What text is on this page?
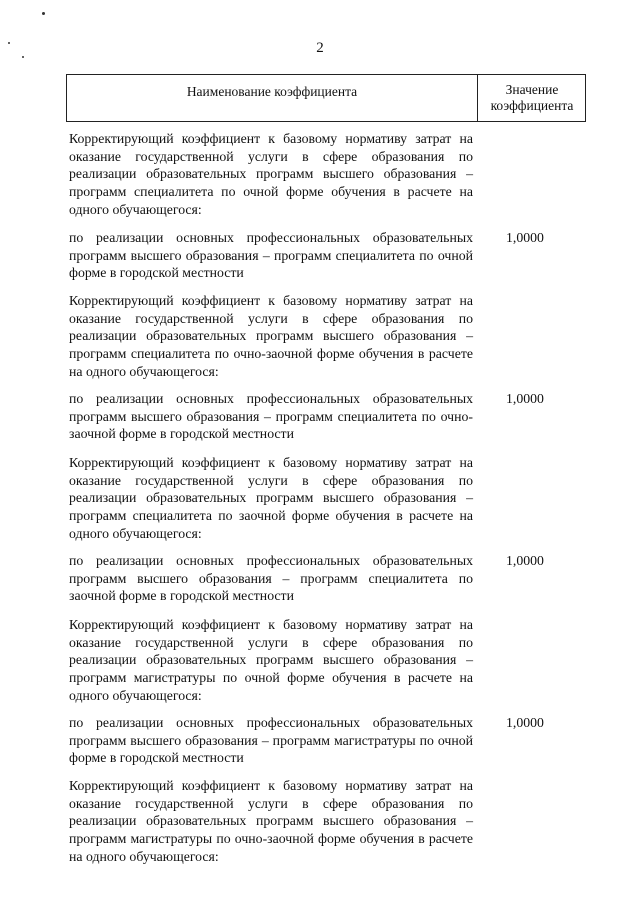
2
Наименование коэффициента	Значение
коэффициента
Корректирующий коэффициент к базовому нормативу затрат на оказание государственной услуги в сфере образования по реализации образовательных программ высшего образования – программ специалитета по очной форме обучения в расчете на одного обучающегося:
по реализации основных профессиональных образовательных программ высшего образования – программ специалитета по очной форме в городской местности
1,0000
Корректирующий коэффициент к базовому нормативу затрат на оказание государственной услуги в сфере образования по реализации образовательных программ высшего образования – программ специалитета по очно-заочной форме обучения в расчете на одного обучающегося:
по реализации основных профессиональных образовательных программ высшего образования – программ специалитета по очно-заочной форме в городской местности
1,0000
Корректирующий коэффициент к базовому нормативу затрат на оказание государственной услуги в сфере образования по реализации образовательных программ высшего образования – программ специалитета по заочной форме обучения в расчете на одного обучающегося:
по реализации основных профессиональных образовательных программ высшего образования – программ специалитета по заочной форме в городской местности
1,0000
Корректирующий коэффициент к базовому нормативу затрат на оказание государственной услуги в сфере образования по реализации образовательных программ высшего образования – программ магистратуры по очной форме обучения в расчете на одного обучающегося:
по реализации основных профессиональных образовательных программ высшего образования – программ магистратуры по очной форме в городской местности
1,0000
Корректирующий коэффициент к базовому нормативу затрат на оказание государственной услуги в сфере образования по реализации образовательных программ высшего образования – программ магистратуры по очно-заочной форме обучения в расчете на одного обучающегося:
